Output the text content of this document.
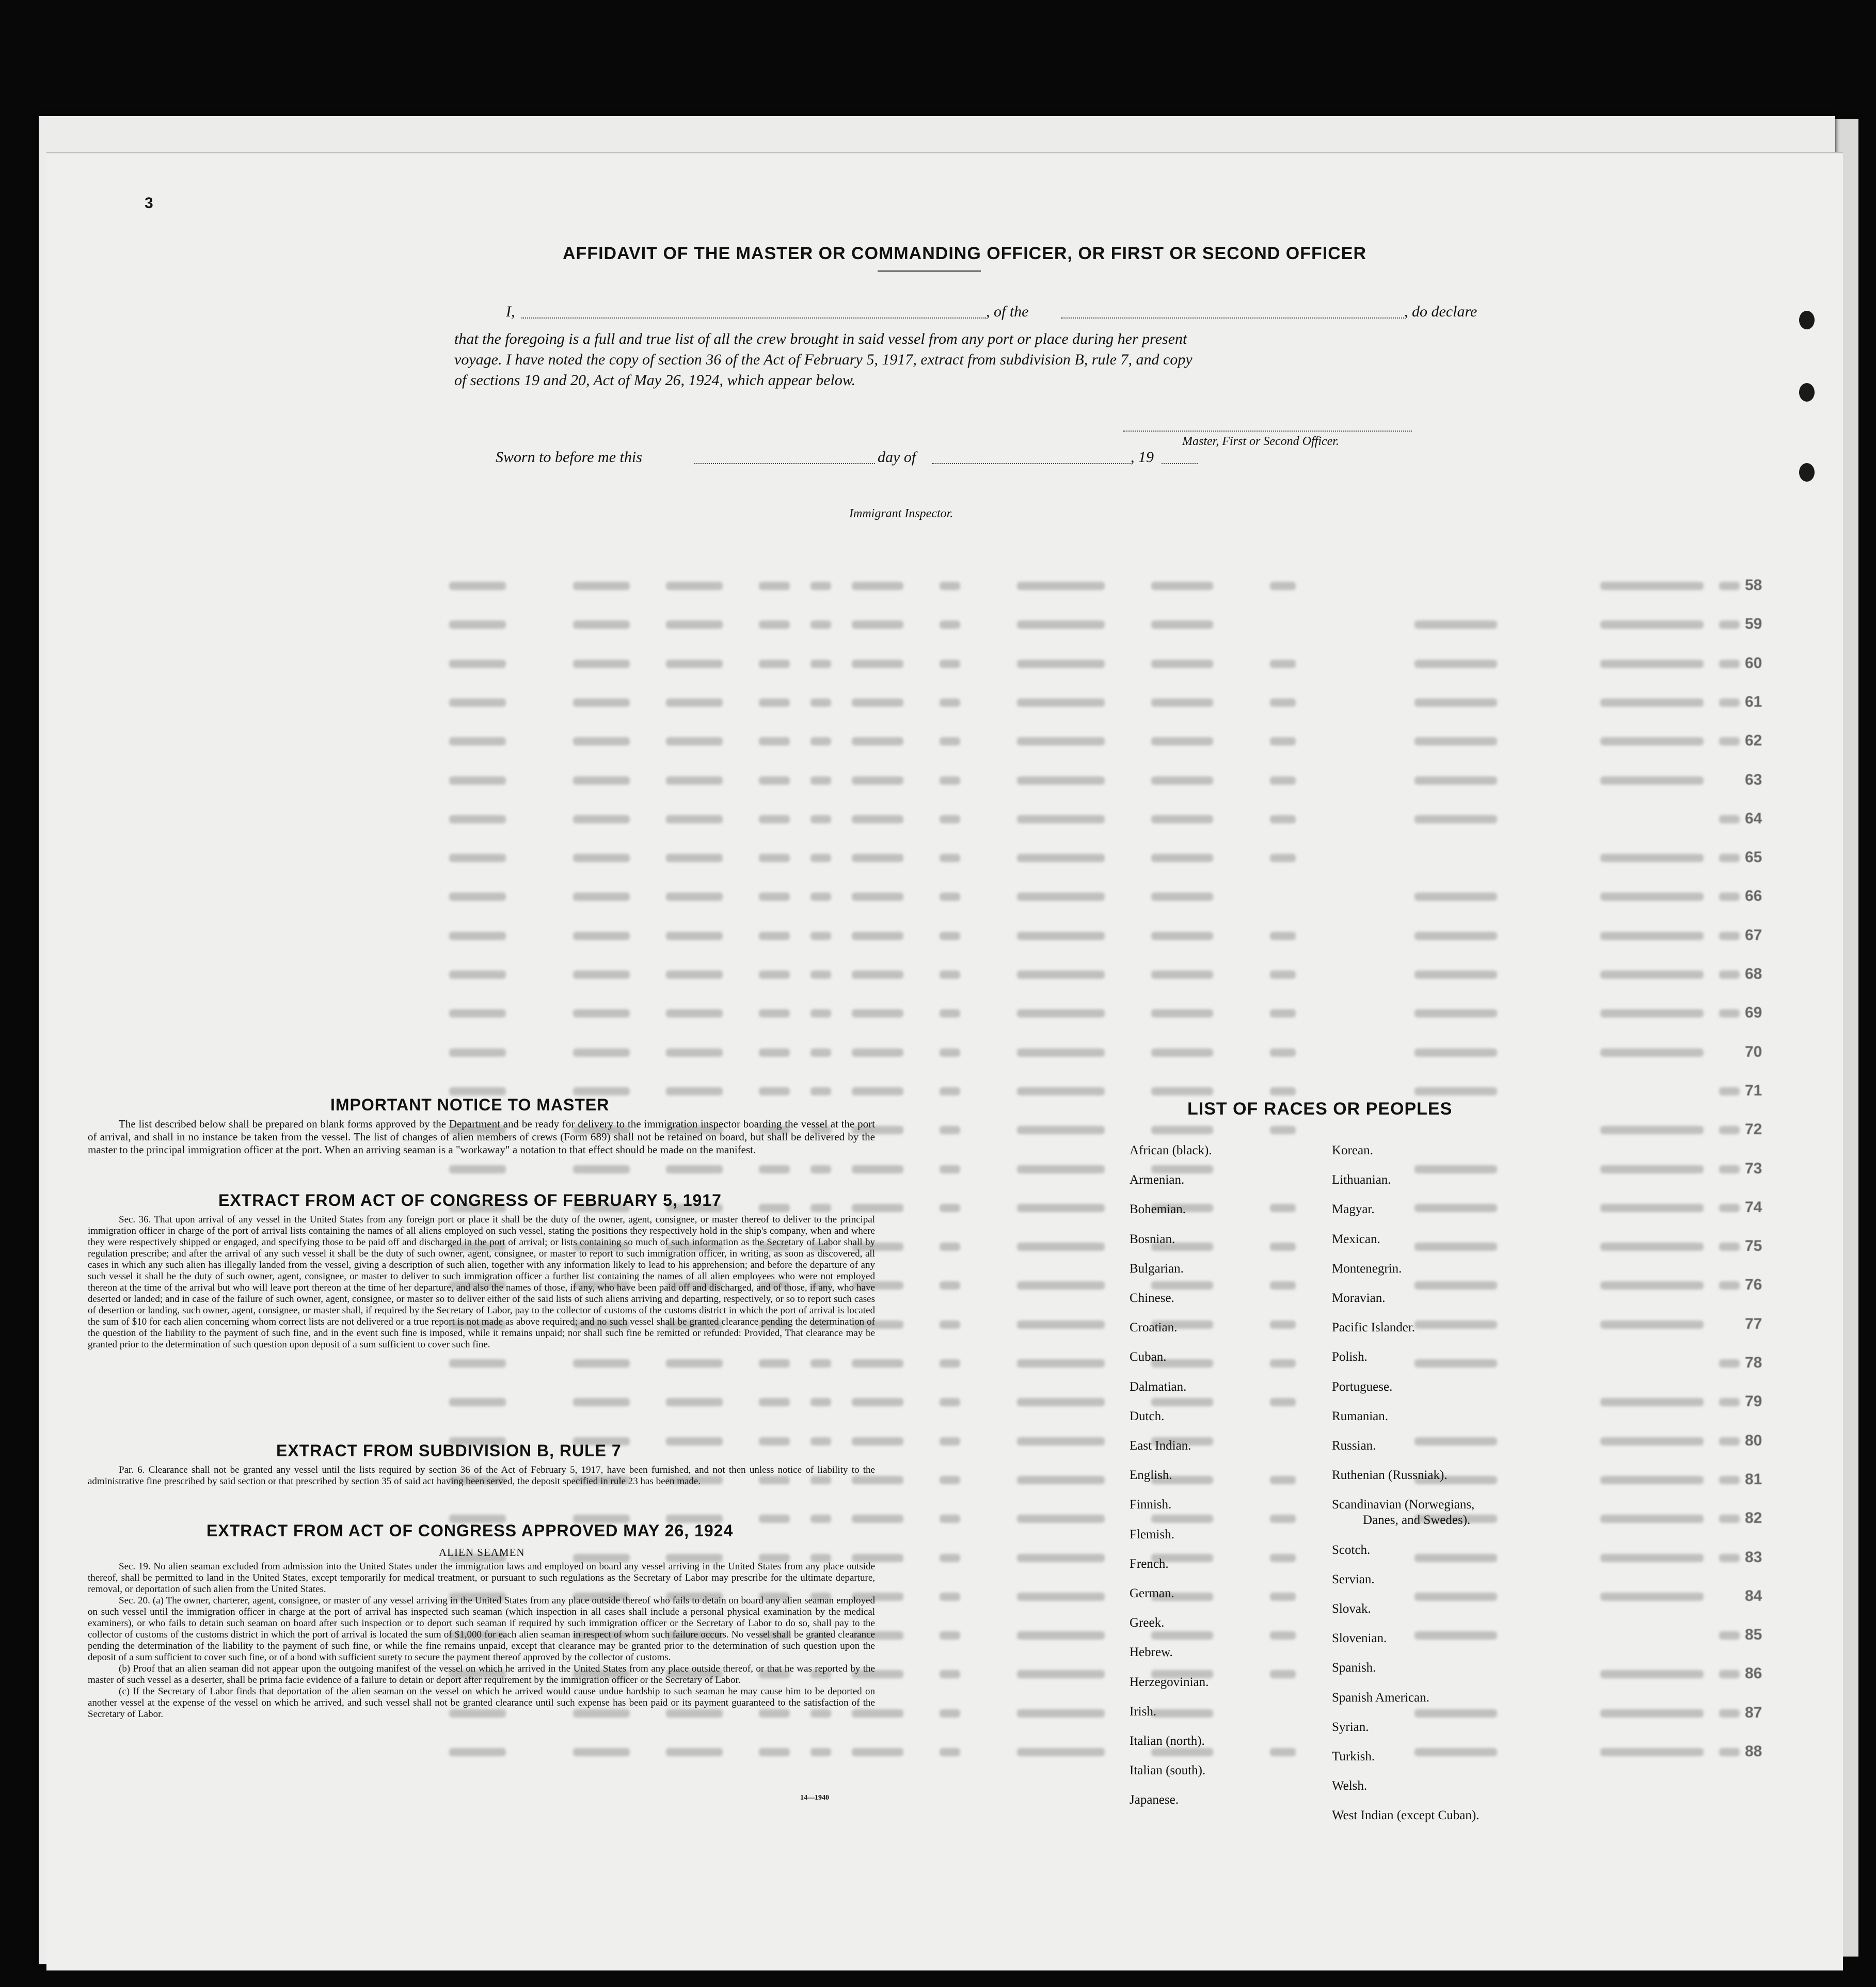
3
58
59
60
61
62
63
64
65
66
67
68
69
70
71
72
73
74
75
76
77
78
79
80
81
82
83
84
85
86
87
88
AFFIDAVIT OF THE MASTER OR COMMANDING OFFICER, OR FIRST OR SECOND OFFICER
I,	, of the	, do declare
that the foregoing is a full and true list of all the crew brought in said vessel from any port or place during her present
voyage. I have noted the copy of section 36 of the Act of February 5, 1917, extract from subdivision B, rule 7, and copy
of sections 19 and 20, Act of May 26, 1924, which appear below.
Master, First or Second Officer.
Sworn to before me this	day of	, 19
Immigrant Inspector.
IMPORTANT NOTICE TO MASTER
The list described below shall be prepared on blank forms approved by the Department and be ready for delivery to the immigration inspector boarding the vessel at the port of arrival, and shall in no instance be taken from the vessel. The list of changes of alien members of crews (Form 689) shall not be retained on board, but shall be delivered by the master to the principal immigration officer at the port. When an arriving seaman is a "workaway" a notation to that effect should be made on the manifest.
EXTRACT FROM ACT OF CONGRESS OF FEBRUARY 5, 1917
Sec. 36. That upon arrival of any vessel in the United States from any foreign port or place it shall be the duty of the owner, agent, consignee, or master thereof to deliver to the principal immigration officer in charge of the port of arrival lists containing the names of all aliens employed on such vessel, stating the positions they respectively hold in the ship's company, when and where they were respectively shipped or engaged, and specifying those to be paid off and discharged in the port of arrival; or lists containing so much of such information as the Secretary of Labor shall by regulation prescribe; and after the arrival of any such vessel it shall be the duty of such owner, agent, consignee, or master to report to such immigration officer, in writing, as soon as discovered, all cases in which any such alien has illegally landed from the vessel, giving a description of such alien, together with any information likely to lead to his apprehension; and before the departure of any such vessel it shall be the duty of such owner, agent, consignee, or master to deliver to such immigration officer a further list containing the names of all alien employees who were not employed thereon at the time of the arrival but who will leave port thereon at the time of her departure, and also the names of those, if any, who have been paid off and discharged, and of those, if any, who have deserted or landed; and in case of the failure of such owner, agent, consignee, or master so to deliver either of the said lists of such aliens arriving and departing, respectively, or so to report such cases of desertion or landing, such owner, agent, consignee, or master shall, if required by the Secretary of Labor, pay to the collector of customs of the customs district in which the port of arrival is located the sum of $10 for each alien concerning whom correct lists are not delivered or a true report is not made as above required; and no such vessel shall be granted clearance pending the determination of the question of the liability to the payment of such fine, and in the event such fine is imposed, while it remains unpaid; nor shall such fine be remitted or refunded: Provided, That clearance may be granted prior to the determination of such question upon deposit of a sum sufficient to cover such fine.
EXTRACT FROM SUBDIVISION B, RULE 7
Par. 6. Clearance shall not be granted any vessel until the lists required by section 36 of the Act of February 5, 1917, have been furnished, and not then unless notice of liability to the administrative fine prescribed by said section or that prescribed by section 35 of said act having been served, the deposit specified in rule 23 has been made.
EXTRACT FROM ACT OF CONGRESS APPROVED MAY 26, 1924
ALIEN SEAMEN
Sec. 19. No alien seaman excluded from admission into the United States under the immigration laws and employed on board any vessel arriving in the United States from any place outside thereof, shall be permitted to land in the United States, except temporarily for medical treatment, or pursuant to such regulations as the Secretary of Labor may prescribe for the ultimate departure, removal, or deportation of such alien from the United States.
Sec. 20. (a) The owner, charterer, agent, consignee, or master of any vessel arriving in the United States from any place outside thereof who fails to detain on board any alien seaman employed on such vessel until the immigration officer in charge at the port of arrival has inspected such seaman (which inspection in all cases shall include a personal physical examination by the medical examiners), or who fails to detain such seaman on board after such inspection or to deport such seaman if required by such immigration officer or the Secretary of Labor to do so, shall pay to the collector of customs of the customs district in which the port of arrival is located the sum of $1,000 for each alien seaman in respect of whom such failure occurs. No vessel shall be granted clearance pending the determination of the liability to the payment of such fine, or while the fine remains unpaid, except that clearance may be granted prior to the determination of such question upon the deposit of a sum sufficient to cover such fine, or of a bond with sufficient surety to secure the payment thereof approved by the collector of customs.
(b) Proof that an alien seaman did not appear upon the outgoing manifest of the vessel on which he arrived in the United States from any place outside thereof, or that he was reported by the master of such vessel as a deserter, shall be prima facie evidence of a failure to detain or deport after requirement by the immigration officer or the Secretary of Labor.
(c) If the Secretary of Labor finds that deportation of the alien seaman on the vessel on which he arrived would cause undue hardship to such seaman he may cause him to be deported on another vessel at the expense of the vessel on which he arrived, and such vessel shall not be granted clearance until such expense has been paid or its payment guaranteed to the satisfaction of the Secretary of Labor.
14—1940
LIST OF RACES OR PEOPLES
African (black).
Armenian.
Bohemian.
Bosnian.
Bulgarian.
Chinese.
Croatian.
Cuban.
Dalmatian.
Dutch.
East Indian.
English.
Finnish.
Flemish.
French.
German.
Greek.
Hebrew.
Herzegovinian.
Irish.
Italian (north).
Italian (south).
Japanese.
Korean.
Lithuanian.
Magyar.
Mexican.
Montenegrin.
Moravian.
Pacific Islander.
Polish.
Portuguese.
Rumanian.
Russian.
Ruthenian (Russniak).
Scandinavian (Norwegians,
Danes, and Swedes).
Scotch.
Servian.
Slovak.
Slovenian.
Spanish.
Spanish American.
Syrian.
Turkish.
Welsh.
West Indian (except Cuban).
